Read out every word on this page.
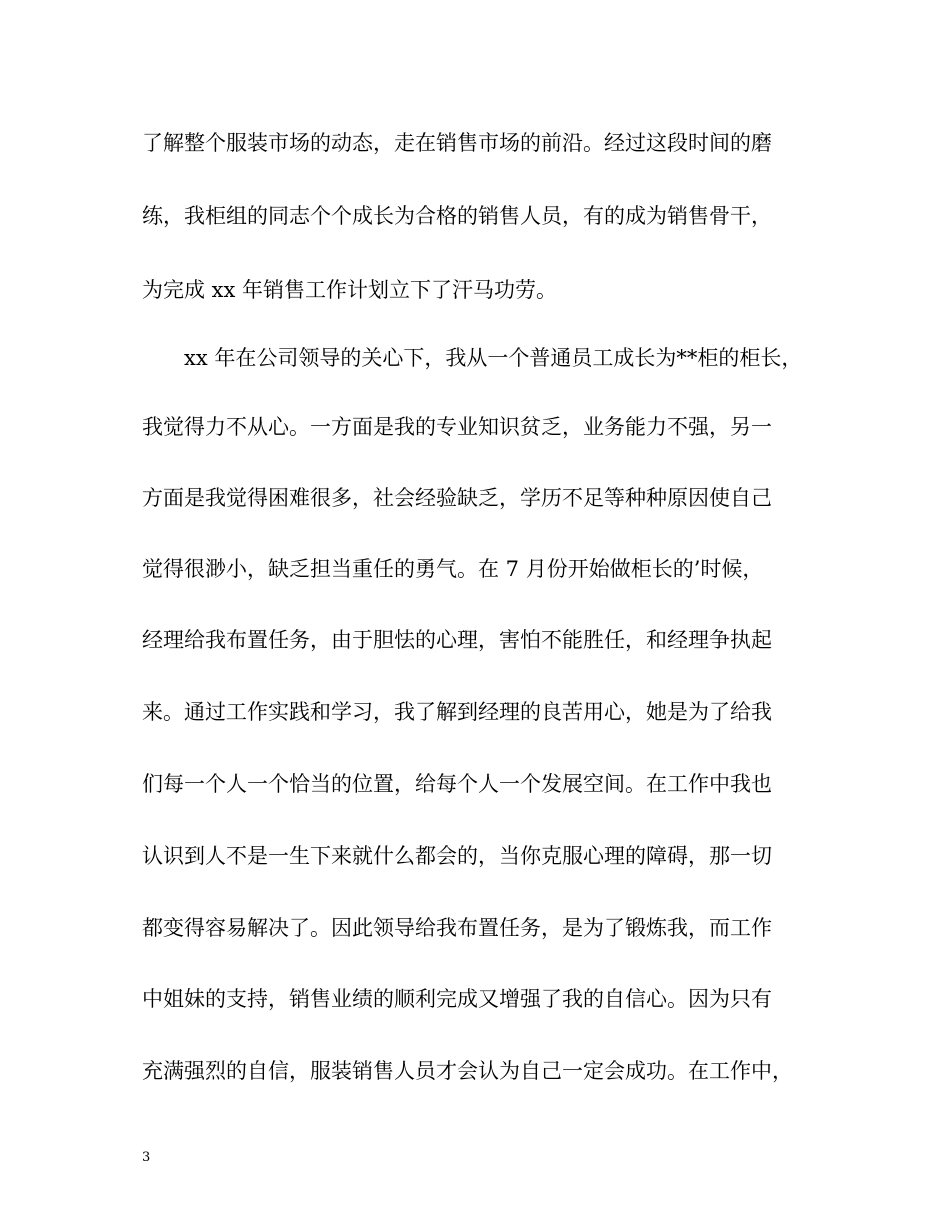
了解整个服装市场的动态，走在销售市场的前沿。经过这段时间的磨
练，我柜组的同志个个成长为合格的销售人员，有的成为销售骨干，
为完成 xx 年销售工作计划立下了汗马功劳。
xx 年在公司领导的关心下，我从一个普通员工成长为**柜的柜长，
我觉得力不从心。一方面是我的专业知识贫乏，业务能力不强，另一
方面是我觉得困难很多，社会经验缺乏，学历不足等种种原因使自己
觉得很渺小，缺乏担当重任的勇气。在 7 月份开始做柜长的’时候，
经理给我布置任务，由于胆怯的心理，害怕不能胜任，和经理争执起
来。通过工作实践和学习，我了解到经理的良苦用心，她是为了给我
们每一个人一个恰当的位置，给每个人一个发展空间。在工作中我也
认识到人不是一生下来就什么都会的，当你克服心理的障碍，那一切
都变得容易解决了。因此领导给我布置任务，是为了锻炼我，而工作
中姐妹的支持，销售业绩的顺利完成又增强了我的自信心。因为只有
充满强烈的自信，服装销售人员才会认为自己一定会成功。在工作中，
3
